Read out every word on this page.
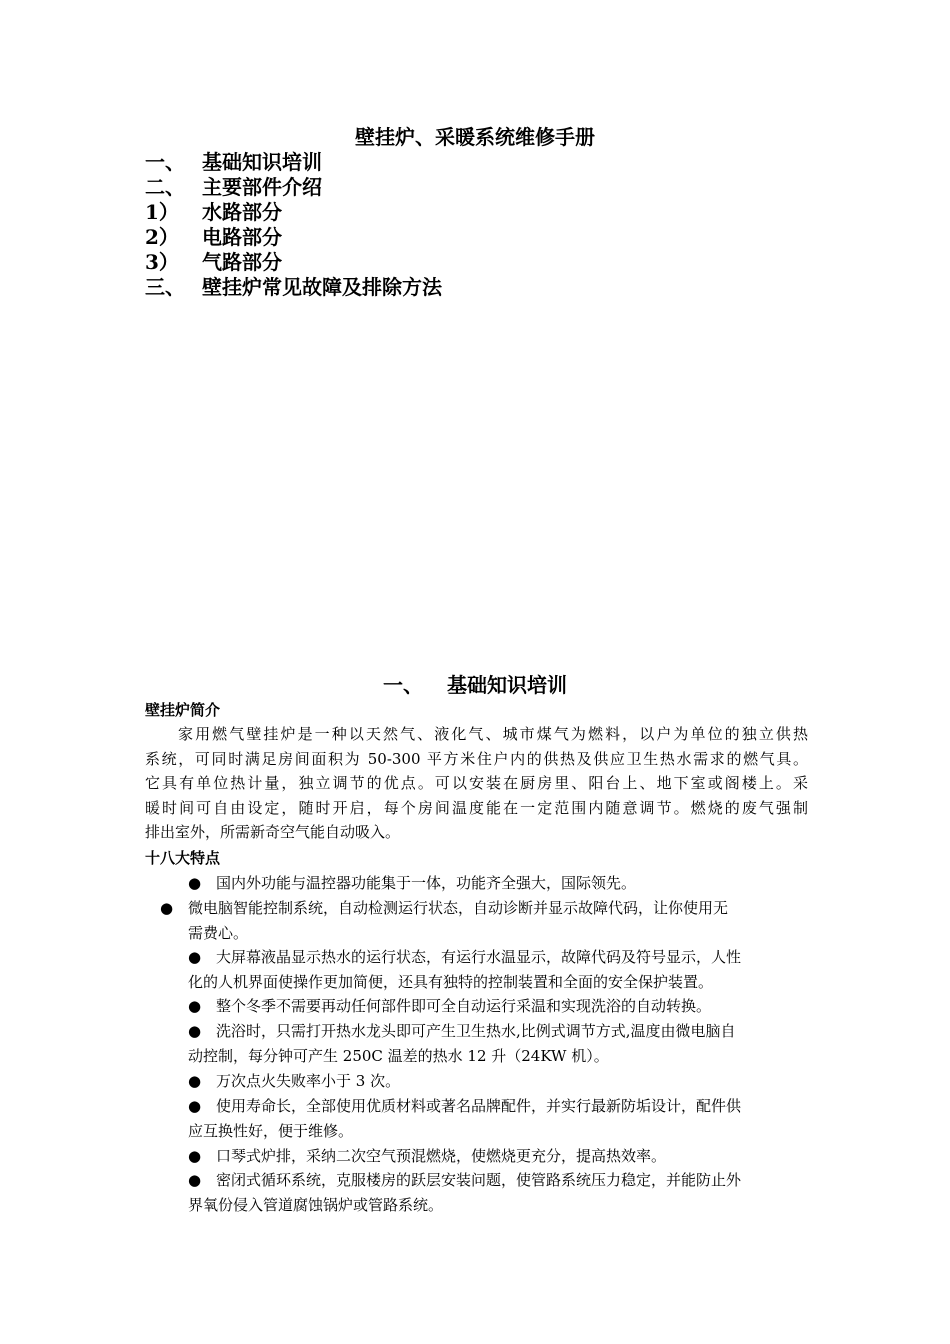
壁挂炉、采暖系统维修手册
一、 基础知识培训
二、 主要部件介绍
1）	水路部分
2）	电路部分
3）	气路部分
三、 壁挂炉常见故障及排除方法
一、 基础知识培训
壁挂炉简介
家用燃气壁挂炉是一种以天然气、液化气、城市煤气为燃料，以户为单位的独立供热
系统，可同时满足房间面积为 50-300 平方米住户内的供热及供应卫生热水需求的燃气具。
它具有单位热计量，独立调节的优点。可以安装在厨房里、阳台上、地下室或阁楼上。采
暖时间可自由设定，随时开启，每个房间温度能在一定范围内随意调节。燃烧的废气强制
排出室外，所需新奇空气能自动吸入。
十八大特点
● 国内外功能与温控器功能集于一体，功能齐全强大，国际领先。
● 微电脑智能控制系统，自动检测运行状态，自动诊断并显示故障代码，让你使用无
需费心。
● 大屏幕液晶显示热水的运行状态，有运行水温显示，故障代码及符号显示，人性
化的人机界面使操作更加简便，还具有独特的控制装置和全面的安全保护装置。
● 整个冬季不需要再动任何部件即可全自动运行采温和实现洗浴的自动转换。
● 洗浴时，只需打开热水龙头即可产生卫生热水,比例式调节方式,温度由微电脑自
动控制，每分钟可产生 250C 温差的热水 12 升（24KW 机）。
● 万次点火失败率小于 3 次。
● 使用寿命长，全部使用优质材料或著名品牌配件，并实行最新防垢设计，配件供
应互换性好，便于维修。
● 口琴式炉排，采纳二次空气预混燃烧，使燃烧更充分，提高热效率。
● 密闭式循环系统，克服楼房的跃层安装问题，使管路系统压力稳定，并能防止外
界氧份侵入管道腐蚀锅炉或管路系统。
